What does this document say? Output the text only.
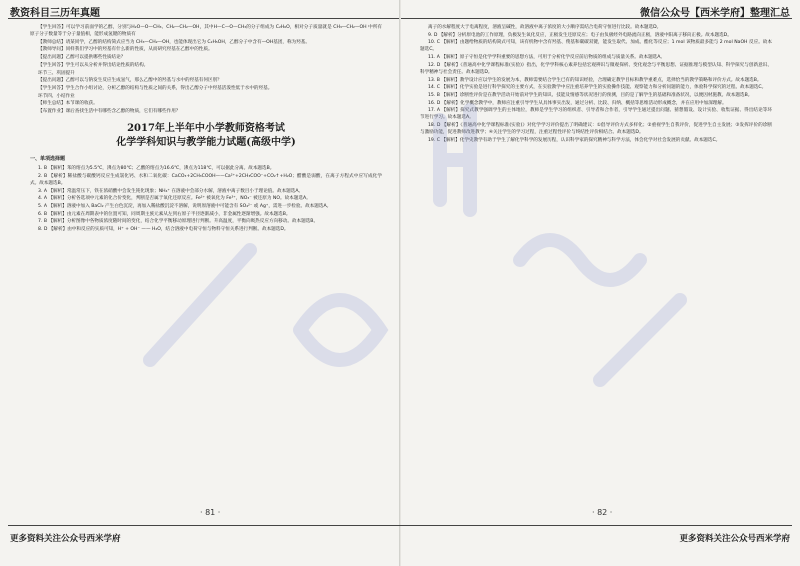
教资科目三历年真题	微信公众号【西米学府】整理汇总

【学生回答】可以学习前面学的乙醇，分别与H₂O—O—CH₃、CH₂—CH₂—OH，其中H—C—O—CH₃的分子组成为 C₂H₆O，相对分子质量就是 CH₃—CH₂—OH 中所有原子分子数量等于分子量值相，能形成氢键的物质有

【教师总结】请某同学，乙醇的结构简式应当为 CH₃—CH₂—OH，也能体现出它为 C₂H₅OH，乙醇分子中含有—OH基团，称为羟基。

【教师导问】同样我们学习中的羟基有什么新的性质，从而研究羟基在乙醇中的性质。

【提出问题】乙醇可以提供哪些性质结论？

【学生回答】学生可以从分析并得出结论性质的结构。

环节三、巩固提升

【提出问题】乙醇可以与钠发生反应生成氢气，那么乙醇中的羟基与水中的羟基有何区别？

【学生回答】学生合作小组讨论，分析乙醇的结构与性质之间的关系，得出乙醇分子中羟基活泼性低于水中的羟基。

环节四、小结作业

【师生总结】本节课的收获。

【布置作业】课后查找生活中有哪些含乙醇的物质，它们有哪些作用？

2017年上半年中小学教师资格考试
化学学科知识与教学能力试题(高级中学)
一、单项选择题

1. B 【解析】苯的熔点为5.5℃，沸点为80℃；乙酸的熔点为16.6℃，沸点为118℃，可以据此分离。故本题选B。

2. B 【解析】稀盐酸与碳酸钙反应生成氯化钙、水和二氧化碳：CaCO₃+2CH₃COOH——Ca²⁺+2CH₃COO⁻+CO₂↑+H₂O；醋酸是弱酸，在离子方程式中应写成化学式。故本题选B。

3. A 【解析】常温常压下，铁在浓硝酸中会发生钝化现象；NH₄⁺ 在溶液中会部分水解，溶液中离子数目小于理论值。故本题选A。

4. A 【解析】分析各选项中元素的化合价变化，判断是否属于氧化还原反应。Fe²⁺ 被氧化为 Fe³⁺，NO₃⁻ 被还原为 NO。故本题选A。

5. A 【解析】溶液中加入 BaCl₂ 产生白色沉淀，再加入稀盐酸沉淀不溶解，说明原溶液中可能含有 SO₄²⁻ 或 Ag⁺，需进一步检验。故本题选A。

6. B 【解析】由元素在周期表中的位置可知，同周期主族元素从左到右原子半径逐渐减小，非金属性逐渐增强。故本题选B。

7. B 【解析】分析图像中各物质浓度随时间的变化，结合化学平衡移动原理进行判断。升高温度，平衡向吸热反应方向移动。故本题选B。

8. D 【解析】由中和反应的实质可知，H⁺ + OH⁻ —— H₂O，结合溶液中电荷守恒与物料守恒关系进行判断。故本题选D。

离子的水解程度大于电离程度，溶液呈碱性，故溶液中离子浓度的大小顺序需结合电荷守恒进行比较。故本题选D。

9. D 【解析】分析原电池的工作原理，负极发生氧化反应，正极发生还原反应；电子由负极经外电路流向正极，溶液中阳离子移向正极。故本题选D。

10. C 【解析】由题给物质的结构简式可知，该有机物中含有羟基、羧基和碳碳双键，能发生取代、加成、酯化等反应；1 mol 该物质最多能与 2 mol NaOH 反应。故本题选C。

11. A 【解析】原子守恒是化学学科重要的思想方法，可用于分析化学反应前后物质的组成与质量关系。故本题选A。

12. D 【解析】《普通高中化学课程标准(实验)》指出，化学学科核心素养包括宏观辨识与微观探析、变化观念与平衡思想、证据推理与模型认知、科学探究与创新意识、科学精神与社会责任。故本题选D。

13. B 【解析】教学设计应以学生的发展为本，教师需要结合学生已有的知识经验，合理确定教学目标和教学重难点，选择恰当的教学策略和评价方式。故本题选B。

14. C 【解析】化学实验是进行科学探究的主要方式，在实验教学中应注重培养学生的实验操作技能、观察能力和分析问题的能力，体验科学探究的过程。故本题选C。

15. B 【解析】诊断性评价是在教学活动开始前对学生的知识、技能及情感等状况进行的预测，目的是了解学生的基础和准备状况，以便因材施教。故本题选B。

16. D 【解析】化学概念教学中，教师应注重引导学生从具体事实出发，通过分析、比较、归纳、概括等思维活动形成概念，并在应用中加深理解。

17. A 【解析】探究式教学强调学生的主体地位，教师是学生学习的组织者、引导者和合作者，引导学生通过提出问题、猜想假设、设计实验、收集证据、得出结论等环节进行学习。故本题选A。

18. D 【解析】《普通高中化学课程标准(实验)》对化学学习评价提出了明确建议：①倡导评价方式多样化；②重视学生自我评价，促进学生自主发展；③发挥评价的诊断与激励功能，促进教师改进教学；④关注学生的学习过程，注重过程性评价与终结性评价相结合。故本题选D。

19. C 【解析】化学史教学有助于学生了解化学科学的发展历程，认识科学家的探究精神与科学方法，体会化学对社会发展的贡献。故本题选C。

· 81 ·	· 82 ·
更多资料关注公众号西米学府	更多资料关注公众号西米学府
